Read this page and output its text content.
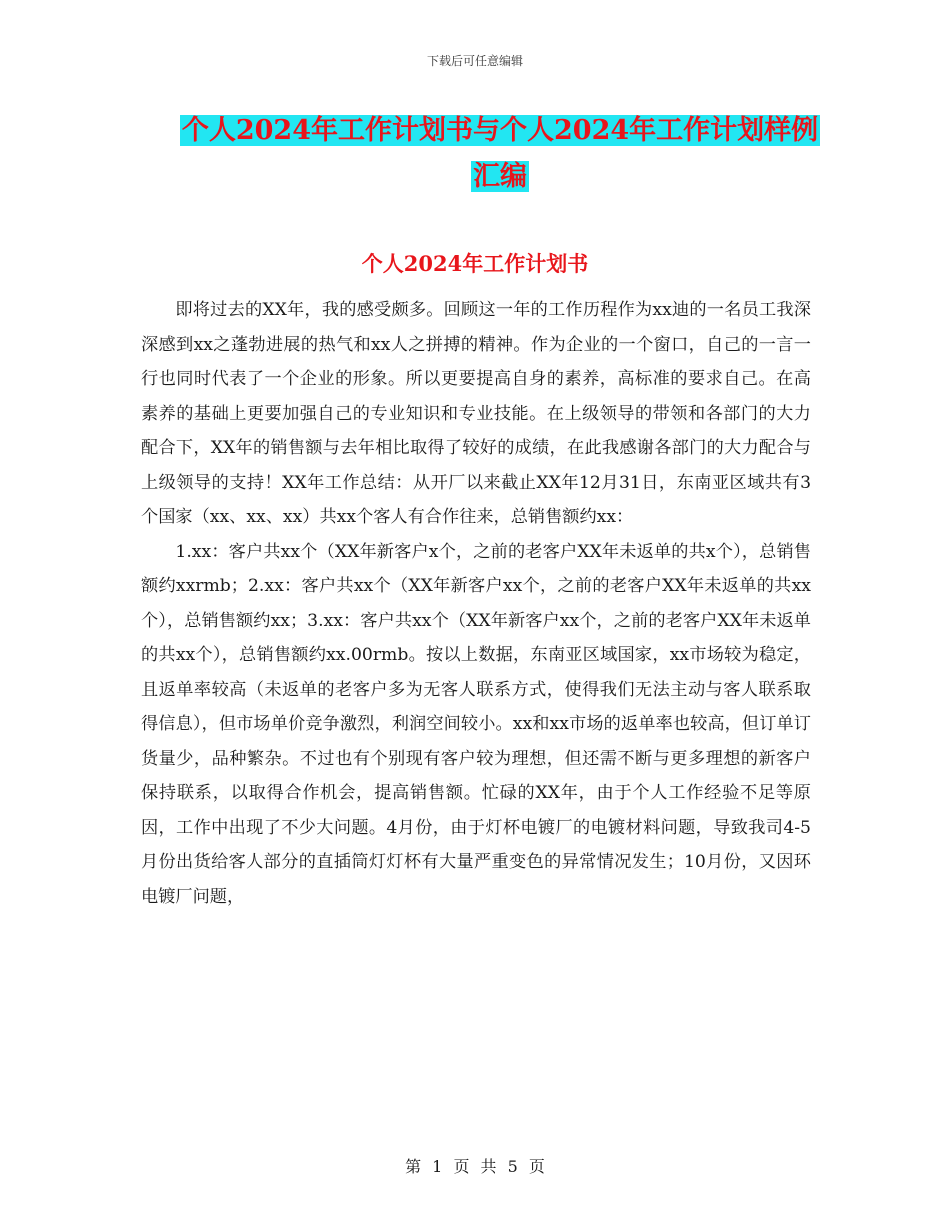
下载后可任意编辑
个人2024年工作计划书与个人2024年工作计划样例
汇编
个人2024年工作计划书

即将过去的XX年，我的感受颇多。回顾这一年的工作历程作为xx迪的一名员工我深深感到xx之蓬勃进展的热气和xx人之拼搏的精神。作为企业的一个窗口，自己的一言一行也同时代表了一个企业的形象。所以更要提高自身的素养，高标准的要求自己。在高素养的基础上更要加强自己的专业知识和专业技能。在上级领导的带领和各部门的大力配合下，XX年的销售额与去年相比取得了较好的成绩，在此我感谢各部门的大力配合与上级领导的支持！XX年工作总结：从开厂以来截止XX年12月31日，东南亚区域共有3个国家（xx、xx、xx）共xx个客人有合作往来，总销售额约xx：

1.xx：客户共xx个（XX年新客户x个，之前的老客户XX年未返单的共x个），总销售额约xxrmb；2.xx：客户共xx个（XX年新客户xx个，之前的老客户XX年未返单的共xx个），总销售额约xx；3.xx：客户共xx个（XX年新客户xx个，之前的老客户XX年未返单的共xx个），总销售额约xx.00rmb。按以上数据，东南亚区域国家，xx市场较为稳定，且返单率较高（未返单的老客户多为无客人联系方式，使得我们无法主动与客人联系取得信息），但市场单价竞争激烈，利润空间较小。xx和xx市场的返单率也较高，但订单订货量少，品种繁杂。不过也有个别现有客户较为理想，但还需不断与更多理想的新客户保持联系，以取得合作机会，提高销售额。忙碌的XX年，由于个人工作经验不足等原因，工作中出现了不少大问题。4月份，由于灯杯电镀厂的电镀材料问题，导致我司4-5月份出货给客人部分的直插筒灯灯杯有大量严重变色的异常情况发生；10月份，又因环电镀厂问题，

第 1 页 共 5 页
